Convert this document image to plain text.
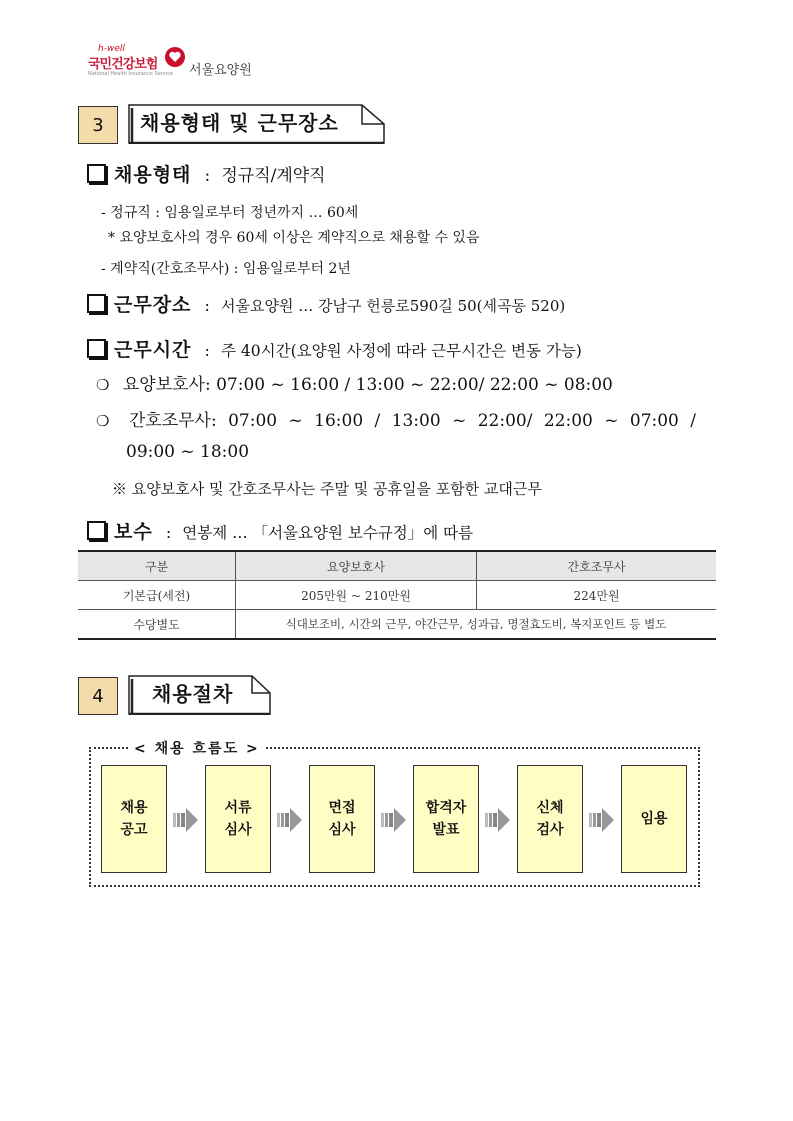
h-well
국민건강보험
National Health Insurance Service 서울요양원
3	채용형태 및 근무장소
채용형태 : 정규직/계약직
- 정규직 : 임용일로부터 정년까지 … 60세
* 요양보호사의 경우 60세 이상은 계약직으로 채용할 수 있음
- 계약직(간호조무사) : 임용일로부터 2년
근무장소 : 서울요양원 … 강남구 헌릉로590길 50(세곡동 520)
근무시간 : 주 40시간(요양원 사정에 따라 근무시간은 변동 가능)
❍ 요양보호사: 07:00 ~ 16:00 / 13:00 ~ 22:00/ 22:00 ~ 08:00
❍ 간호조무사: 07:00 ~ 16:00 / 13:00 ~ 22:00/ 22:00 ~ 07:00 /
09:00 ~ 18:00
※ 요양보호사 및 간호조무사는 주말 및 공휴일을 포함한 교대근무
보수 : 연봉제 … 「서울요양원 보수규정」에 따름
구분	요양보호사	간호조무사
기본급(세전)	205만원 ~ 210만원	224만원
수당별도	식대보조비, 시간외 근무, 야간근무, 성과급, 명절효도비, 복지포인트 등 별도	
4	채용절차
< 채용 흐름도 >
채용
공고
서류
심사
면접
심사
합격자
발표
신체
검사
임용
